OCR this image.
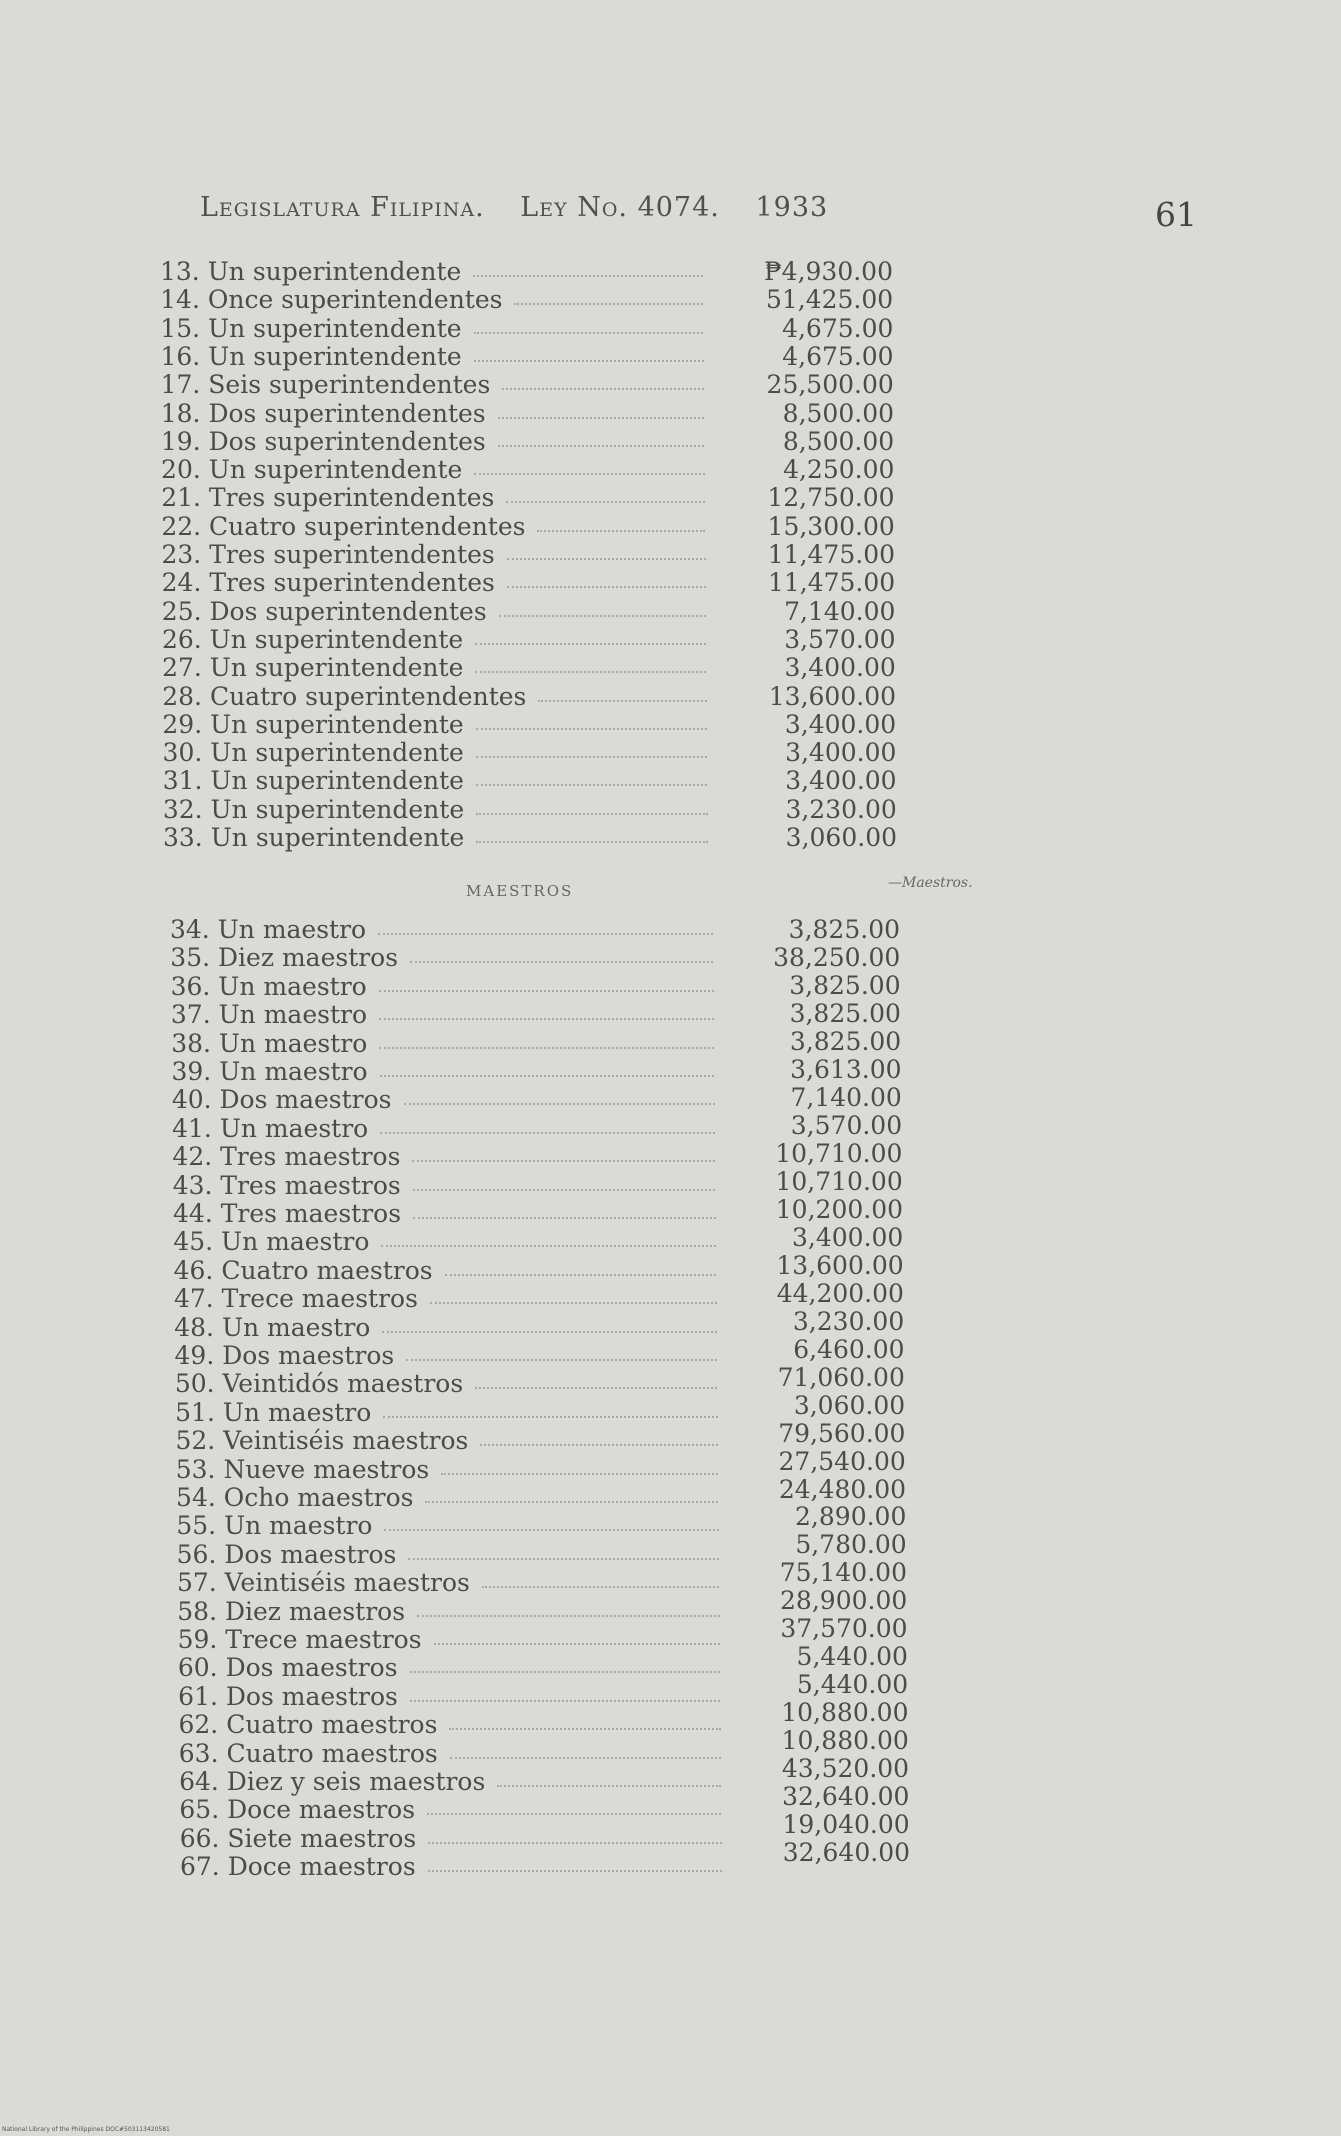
Legislatura Filipina. Ley No. 4074. 1933	61
13. Un superintendente	₱4,930.00
14. Once superintendentes	51,425.00
15. Un superintendente	4,675.00
16. Un superintendente	4,675.00
17. Seis superintendentes	25,500.00
18. Dos superintendentes	8,500.00
19. Dos superintendentes	8,500.00
20. Un superintendente	4,250.00
21. Tres superintendentes	12,750.00
22. Cuatro superintendentes	15,300.00
23. Tres superintendentes	11,475.00
24. Tres superintendentes	11,475.00
25. Dos superintendentes	7,140.00
26. Un superintendente	3,570.00
27. Un superintendente	3,400.00
28. Cuatro superintendentes	13,600.00
29. Un superintendente	3,400.00
30. Un superintendente	3,400.00
31. Un superintendente	3,400.00
32. Un superintendente	3,230.00
33. Un superintendente	3,060.00
34. Un maestro	3,825.00
35. Diez maestros	38,250.00
36. Un maestro	3,825.00
37. Un maestro	3,825.00
38. Un maestro	3,825.00
39. Un maestro	3,613.00
40. Dos maestros	7,140.00
41. Un maestro	3,570.00
42. Tres maestros	10,710.00
43. Tres maestros	10,710.00
44. Tres maestros	10,200.00
45. Un maestro	3,400.00
46. Cuatro maestros	13,600.00
47. Trece maestros	44,200.00
48. Un maestro	3,230.00
49. Dos maestros	6,460.00
50. Veintidós maestros	71,060.00
51. Un maestro	3,060.00
52. Veintiséis maestros	79,560.00
53. Nueve maestros	27,540.00
54. Ocho maestros	24,480.00
55. Un maestro	2,890.00
56. Dos maestros	5,780.00
57. Veintiséis maestros	75,140.00
58. Diez maestros	28,900.00
59. Trece maestros	37,570.00
60. Dos maestros	5,440.00
61. Dos maestros	5,440.00
62. Cuatro maestros	10,880.00
63. Cuatro maestros	10,880.00
64. Diez y seis maestros	43,520.00
65. Doce maestros	32,640.00
66. Siete maestros	19,040.00
67. Doce maestros	32,640.00
MAESTROS	—Maestros.
National Library of the Philippines DOC#503113420581
